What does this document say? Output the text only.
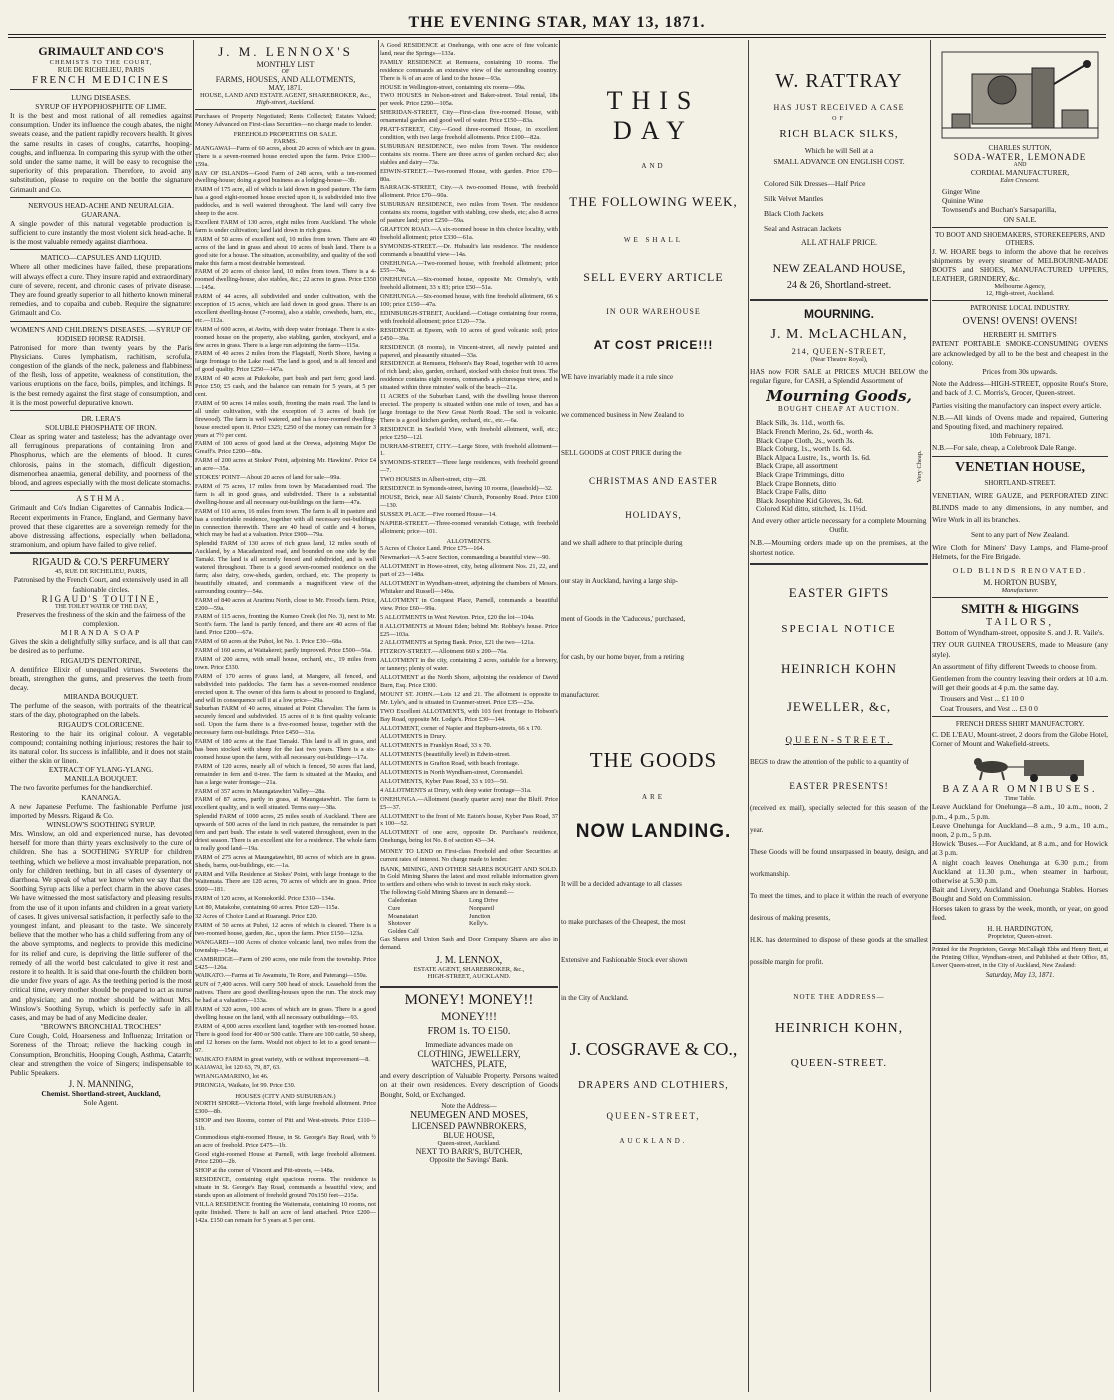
THE EVENING STAR, MAY 13, 1871.
GRIMAULT AND CO'S
CHEMISTS TO THE COURT,
RUE DE RICHELIEU, PARIS
FRENCH MEDICINES
LUNG DISEASES.
SYRUP OF HYPOPHOSPHITE OF LIME.
It is the best and most rational of all remedies against consumption. Under its influence the cough abates, the night sweats cease, and the patient rapidly recovers health. It gives the same results in cases of coughs, catarrhs, hooping-coughs, and influenza. In comparing this syrup with the other sold under the same name, it will be easy to recognise the superiority of this preparation. Therefore, to avoid any substitution, please to require on the bottle the signature Grimault and Co.
NERVOUS HEAD-ACHE AND NEURALGIA.
GUARANA.
A single powder of this natural vegetable production is sufficient to cure instantly the most violent sick head-ache. It is the most valuable remedy against diarrhoea.
MATICO—CAPSULES AND LIQUID.
Where all other medicines have failed, these preparations will always effect a cure. They insure rapid and extraordinary cure of severe, recent, and chronic cases of private disease. They are found greatly superior to all hitherto known mineral remedies, and to copaiba and cubeb. Require the signature: Grimault and Co.
WOMEN'S AND CHILDREN'S DISEASES. —SYRUP OF IODISED HORSE RADISH.
Patronised for more than twenty years by the Paris Physicians. Cures lymphatism, rachitism, scrofula, congestion of the glands of the neck, paleness and flabbiness of the flesh, loss of appetite, weakness of constitution, the various eruptions on the face, boils, pimples, and itchings. It is the best remedy against the first stage of consumption, and it is the most powerful depurative known.
DR. LERA'S
SOLUBLE PHOSPHATE OF IRON.
Clear as spring water and tasteless; has the advantage over all ferruginous preparations of containing Iron and Phosphorus, which are the elements of blood. It cures chlorosis, pains in the stomach, difficult digestion, dismenorhea anaemia, general debility, and poorness of the blood, and agrees especially with the most delicate stomachs.
ASTHMA.
Grimault and Co's Indian Cigarettes of Cannabis Indica.—Recent experiments in France, England, and Germany have proved that these cigarettes are a sovereign remedy for the above distressing affections, especially when belladona, stramonium, and opium have failed to give relief.
RIGAUD & CO.'S PERFUMERY
45, RUE DE RICHELIEU, PARIS,
Patronised by the French Court, and extensively used in all fashionable circles.
RIGAUD'S TOUTINE,
THE TOILET WATER OF THE DAY,
Preserves the freshness of the skin and the fairness of the complexion.
MIRANDA SOAP
Gives the skin a delightfully silky surface, and is all that can be desired as to perfume.
RIGAUD'S DENTORINE,
A dentifrice Elixir of unequalled virtues. Sweetens the breath, strengthen the gums, and preserves the teeth from decay.
MIRANDA BOUQUET.
The perfume of the season, with portraits of the theatrical stars of the day, photographed on the labels.
RIGAUD'S COLORICENE.
Restoring to the hair its original colour. A vegetable compound; containing nothing injurious; restores the hair to its natural color. Its success is infallible, and it does not stain either the skin or linen.
EXTRACT OF YLANG-YLANG.
MANILLA BOUQUET.
The two favorite perfumes for the handkerchief.
KANANGA.
A new Japanese Perfume. The fashionable Perfume just imported by Messrs. Rigaud & Co.
WINSLOW'S SOOTHING SYRUP.
Mrs. Winslow, an old and experienced nurse, has devoted herself for more than thirty years exclusively to the cure of children. She has a SOOTHING SYRUP for children teething, which we believe a most invaluable preparation, not only for children teething, but in all cases of dysentery or diarrhoea. We speak of what we know when we say that the Soothing Syrup acts like a perfect charm in the above cases. We have witnessed the most satisfactory and pleasing results from the use of it upon infants and children in a great variety of cases. It gives universal satisfaction, it perfectly safe to the youngest infant, and pleasant to the taste. We sincerely believe that the mother who has a child suffering from any of the above symptoms, and neglects to provide this medicine for its relief and cure, is depriving the little sufferer of the remedy of all the world best calculated to give it rest and restore it to health. It is said that one-fourth the children born die under five years of age. As the teething period is the most critical time, every mother should be prepared to act as nurse and physician; and no mother should be without Mrs. Winslow's Soothing Syrup, which is perfectly safe in all cases, and may be had of any Medicine dealer.
"BROWN'S BRONCHIAL TROCHES"
Cure Cough, Cold, Hoarseness and Influenza; Irritation or Soreness of the Throat; relieve the hacking cough in Consumption, Bronchitis, Hooping Cough, Asthma, Catarrh; clear and strengthen the voice of Singers; indispensable to Public Speakers.
J. N. MANNING,
Chemist. Shortland-street, Auckland,
Sole Agent.
J. M. LENNOX'S
MONTHLY LIST
OF
FARMS, HOUSES, AND ALLOTMENTS,
MAY, 1871.
HOUSE, LAND AND ESTATE AGENT, SHAREBROKER, &c.,
High-street, Auckland.
Purchases of Property Negotiated; Rents Collected; Estates Valued; Money Advanced on First-class Securities—no charge made to lender.
FREEHOLD PROPERTIES OR SALE.
FARMS.

MANGAWAI—Farm of 60 acres, about 20 acres of which are in grass. There is a seven-roomed house erected upon the farm. Price £300—159a.

BAY OF ISLANDS—Good Farm of 248 acres, with a ten-roomed dwelling-house; doing a good business as a lodging-house—3b.

FARM of 175 acre, all of which is laid down in good pasture. The farm has a good eight-roomed house erected upon it, is subdivided into five paddocks, and is well watered throughout. The land will carry five sheep to the acre.

Excellent FARM of 130 acres, eight miles from Auckland. The whole farm is under cultivation; land laid down in rich grass.

FARM of 50 acres of excellent soil, 10 miles from town. There are 40 acres of the land in grass and about 10 acres of bush land. There is a good site for a house. The situation, accessibility, and quality of the soil make this farm a most desirable homestead.

FARM of 20 acres of choice land, 10 miles from town. There is a 4-roomed dwelling-house, also stables, &c.; 22 acres in grass. Price £350—145a.

FARM of 44 acres, all subdivided and under cultivation, with the exception of 15 acres, which are laid down in good grass. There is an excellent dwelling-house (7-rooms), also a stable, cowsheds, barn, etc., etc.—112a.

FARM of 600 acres, at Awitu, with deep water frontage. There is a six-roomed house on the property, also stabling, garden, stockyard, and a few acres in grass. There is a large run adjoining the farm—115a.

FARM of 40 acres 2 miles from the Flagstaff, North Shore, having a large frontage to the Lake road. The land is good, and is all fenced and of good quality. Price £250—147a.

FARM of 40 acres at Pukekohe, part bush and part fern; good land. Price £50; £5 cash, and the balance can remain for 5 years, at 5 per cent.

FARM of 90 acres 14 miles south, fronting the main road. The land is all under cultivation, with the exception of 3 acres of bush (or firewood). The farm is well watered, and has a four-roomed dwelling-house erected upon it. Price £325; £250 of the money can remain for 3 years at 7½ per cent.

FARM of 100 acres of good land at the Orewa, adjoining Major De Greaff's. Price £200—80a.

FARM of 200 acres at Stokes' Point, adjoining Mr. Hawkins'. Price £4 an acre—35a.

STOKES' POINT—About 20 acres of land for sale—99a.

FARM of 75 acres, 17 miles from town by Macadamised road. The farm is all in good grass, and subdivided. There is a substantial dwelling-house and all necessary out-buildings on the farm—47a.

FARM of 110 acres, 16 miles from town. The farm is all in pasture and has a comfortable residence, together with all necessary out-buildings in connection therewith. There are 40 head of cattle and 4 horses, which may be had at a valuation. Price £900—79a.

Splendid FARM of 130 acres of rich grass land, 12 miles south of Auckland, by a Macadamized road, and bounded on one side by the Tamaki. The land is all securely fenced and subdivided, and is well watered throughout. There is a good seven-roomed residence on the farm; also dairy, cow-sheds, garden, orchard, etc. The property is beautifully situated, and commands a magnificent view of the surrounding country—54a.

FARM of 840 acres at Ararimu North, close to Mr. Frood's farm. Price, £200—59a.

FARM of 115 acres, fronting the Kumeo Creek (lot No. 3), next to Mr. Scott's farm. The land is partly fenced, and there are 40 acres of flat land. Price £200—67a.

FARM of 60 acres at the Puhoi, lot No. 1. Price £30—68a.

FARM of 160 acres, at Waitakerei; partly improved. Price £500—56a.

FARM of 200 acres, with small house, orchard, etc., 19 miles from town. Price £330.

FARM of 170 acres of grass land, at Mangere, all fenced, and subdivided into paddocks. The farm has a seven-roomed residence erected upon it. The owner of this farm is about to proceed to England, and will in consequence sell it at a low price—29a.

Suburban FARM of 40 acres, situated at Point Chevalier. The farm is securely fenced and subdivided. 15 acres of it is first quality volcanic soil. Upon the farm there is a five-roomed house, together with the necessary farm out-buildings. Price £450—31a.

FARM of 180 acres at the East Tamaki. This land is all in grass, and has been stocked with sheep for the last two years. There is a six-roomed house upon the farm, with all necessary out-buildings—17a.

FARM of 120 acres, nearly all of which is fenced, 50 acres flat land, remainder in fern and ti-tree. The farm is situated at the Mauku, and has a large water frontage—21a.

FARM of 357 acres in Maungatawhiri Valley—28a.

FARM of 87 acres, partly in grass, at Maungatawhiri. The farm is excellent quality, and is well situated. Terms easy—38a.

Splendid FARM of 1000 acres, 25 miles south of Auckland. There are upwards of 500 acres of the land in rich pasture, the remainder is part fern and part bush. The estate is well watered throughout, even in the driest season. There is an excellent site for a residence. The whole farm is really good land—19a.

FARM of 275 acres at Maungatawhiri, 80 acres of which are in grass. Sheds, barns, out-buildings, etc.—1a.

FARM and Villa Residence at Stokes' Point, with large frontage to the Waitemata. There are 120 acres, 70 acres of which are in grass. Price £600—181.

FARM of 120 acres, at Komokorikl. Price £310—134a.

Lot 80, Matakohe, containing 60 acres. Price £20—115a.

32 Acres of Choice Land at Ruarangi. Price £20.

FARM of 50 acres at Puhoi, 12 acres of which is cleared. There is a two-roomed house, garden, &c., upon the farm. Price £150—123a.

WANGAREI—100 Acres of choice volcanic land, two miles from the township—154a.

CAMBRIDGE—Farm of 290 acres, one mile from the township. Price £425—126a.

WAIKATO.—Farms at Te Awamutu, Te Rore, and Paterangi—159a.

RUN of 7,400 acres. Will carry 500 head of stock. Leasehold from the natives. There are good dwelling-houses upon the run. The stock may be had at a valuation—133a.

FARM of 320 acres, 100 acres of which are in grass. There is a good dwelling house on the land, with all necessary outbuildings—93.

FARM of 4,000 acres excellent land, together with ten-roomed house. There is good food for 400 or 500 cattle. There are 100 cattle, 50 sheep, and 12 horses on the farm. Would not object to let to a good tenant—97.

WAIKATO FARM in great variety, with or without improvement—8.

KAIAWAI, lot 120 63, 79, 87, 63.

WHANGAMARINO, lot 46.

PIRONGIA, Waikato, lot 99. Price £30.

HOUSES (CITY AND SUBURBAN.)

NORTH SHORE—Victoria Hotel, with large freehold allotment. Price £300—8b.

SHOP and two Rooms, corner of Pitt and West-streets. Price £110—11b.

Commodious eight-roomed House, in St. George's Bay Road, with ½ an acre of freehold. Price £475—1b.

Good eight-roomed House at Parnell, with large freehold allotment. Price £200—2b.

SHOP at the corner of Vincent and Pitt-streets, —148a.

RESIDENCE, containing eight spacious rooms. The residence is situate in St. George's Bay Road, commands a beautiful view, and stands upon an allotment of freehold ground 70x150 feet—215a.

VILLA RESIDENCE fronting the Waitemata, containing 10 rooms, not quite finished. There is half an acre of land attached. Price £200—142a. £150 can remain for 5 years at 5 per cent.

A Good RESIDENCE at Onehunga, with one acre of fine volcanic land, near the Springs—133a.

FAMILY RESIDENCE at Remuera, containing 10 rooms. The residence commands an extensive view of the surrounding country. There is ¾ of an acre of land to the house—93a.

HOUSE in Wellington-street, containing six rooms—99a.

TWO HOUSES in Nelson-street and Baker-street. Total rental, 18s per week. Price £290—105a.

SHERIDAN-STREET, City—First-class five-roomed House, with ornamental garden and good well of water. Price £150—83a.

PRATT-STREET, City.—Good three-roomed House, in excellent condition, with two large freehold allotments. Price £100—82a.

SUBURBAN RESIDENCE, two miles from Town. The residence contains six rooms. There are three acres of garden orchard &c; also stables and dairy—73a.

EDWIN-STREET.—Two-roomed House, with garden. Price £70—80a.

BARRACK-STREET, City.—A two-roomed House, with freehold allotment. Price £70—90a.

SUBURBAN RESIDENCE, two miles from Town. The residence contains six rooms, together with stabling, cow sheds, etc; also 8 acres of pasture land; price £250—59a.

GRAFTON ROAD.—A six-roomed house in this choice locality, with freehold allotment; price £330—61a.

SYMONDS-STREET.—Dr. Hubault's late residence. The residence commands a beautiful view—14a.

ONEHUNGA.—Two-roomed house, with freehold allotment; price £55—74a.

ONEHUNGA.—Six-roomed house, opposite Mr. Ormsby's, with freehold allotment, 33 x 83; price £50—51a.

ONEHUNGA.—Six-roomed house, with fine freehold allotment, 66 x 100; price £150—47a.

EDINBURGH-STREET, Auckland.—Cottage containing four rooms, with freehold allotment; price £120—73a.

RESIDENCE at Epsom, with 10 acres of good volcanic soil; price £450—39a.

RESIDENCE (8 rooms), in Vincent-street, all newly painted and papered, and pleasantly situated—33a.

RESIDENCE at Remuera, Hobson's Bay Road, together with 10 acres of rich land; also, garden, orchard, stocked with choice fruit trees. The residence contains eight rooms, commands a picturesque view, and is situated within three minutes' walk of the beach—21a.

11 ACRES of the Suburban Land, with the dwelling house thereon erected. The property is situated within one mile of town, and has a large frontage to the New Great North Road. The soil is volcanic. There is a good kitchen garden, orchard, etc., etc.—6a.

RESIDENCE in Seafield View, with freehold allotment, well, etc.; price £250—12l.

DURHAM-STREET, CITY.—Large Store, with freehold allotment—1.

SYMONDS-STREET—Three large residences, with freehold ground—7.

TWO HOUSES in Albert-street, city—28.

RESIDENCE in Symonds-street, having 10 rooms, (leasehold)—32.

HOUSE, Brick, near All Saints' Church, Ponsonby Road. Price £100—130.

SUSSEX PLACE.—Five roomed House—14.

NAPIER-STREET.—Three-roomed verandah Cottage, with freehold allotment; price—101.

ALLOTMENTS.

5 Acres of Choice Land. Price £75—164.

Newmarket—A 5-acre Section, commanding a beautiful view—90.

ALLOTMENT in Howe-street, city, being allotment Nos. 21, 22, and part of 23—148a.

ALLOTMENT in Wyndham-street, adjoining the chambers of Messrs. Whitaker and Russell—149a.

ALLOTMENT in Conquest Place, Parnell, commands a beautiful view. Price £60—99a.

5 ALLOTMENTS in West Newton. Price, £20 the lot—104a.

8 ALLOTMENTS at Mount Eden; behind Mr. Robbey's house. Price £25—103a.

2 ALLOTMENTS at Spring Bank. Price, £21 the two—121a.

FITZROY-STREET.—Allotment 660 x 200—76a.

ALLOTMENT in the city, containing 2 acres, suitable for a brewery, or tannery; plenty of water.

ALLOTMENT at the North Shore, adjoining the residence of David Burn, Esq. Price £300.

MOUNT ST. JOHN.—Lots 12 and 21. The allotment is opposite to Mr. Lyle's, and is situated in Cranmer-street. Price £35—23a.

TWO Excellent ALLOTMENTS, with 103 feet frontage to Hobson's Bay Road, opposite Mr. Lodge's. Price £30—144.

ALLOTMENT, corner of Napier and Hepburn-streets, 66 x 170.

ALLOTMENTS in Drury.

ALLOTMENTS in Franklyn Road, 33 x 70.

ALLOTMENTS (beautifully level) in Edwin-street.

ALLOTMENTS in Grafton Road, with beach frontage.

ALLOTMENTS in North Wyndham-street, Coromandel.

ALLOTMENTS, Kyber Pass Road, 33 x 103—50.

4 ALLOTMENTS at Drury, with deep water frontage—31a.

ONEHUNGA.—Allotment (nearly quarter acre) near the Bluff. Price £5—37.

ALLOTMENT to the front of Mr. Eaton's house, Kyber Pass Road, 37 x 100—52.

ALLOTMENT of one acre, opposite Dr. Purchase's residence, Onehunga, being lot No. 8 of section 43—34.

MONEY TO LEND on First-class Freehold and other Securities at current rates of interest. No charge made to lender.
BANK, MINING, AND OTHER SHARES BOUGHT AND SOLD.
In Gold Mining Shares the latest and most reliable information given to settlers and others who wish to invest in such risky stock.
The following Gold Mining Shares are in demand:—
Caledonian
Cure
Moanataiari
Shotover
Golden Calf
Long Drive
Nonpareil
Junction
Kelly's.
Gas Shares and Union Sash and Door Company Shares are also in demand.
J. M. LENNOX,
ESTATE AGENT, SHAREBROKER, &c.,
HIGH-STREET, AUCKLAND.
MONEY! MONEY!!
MONEY!!!
FROM 1s. TO £150.
Immediate advances made on
CLOTHING, JEWELLERY,
WATCHES, PLATE,
and every description of Valuable Property. Persons waited on at their own residences. Every description of Goods Bought, Sold, or Exchanged.
Note the Address—
NEUMEGEN AND MOSES,
LICENSED PAWNBROKERS,
BLUE HOUSE,
Queen-street, Auckland.
NEXT TO BARR'S, BUTCHER,
Opposite the Savings' Bank.
THIS DAY
AND
THE FOLLOWING WEEK,
WE SHALL
SELL EVERY ARTICLE
IN OUR WAREHOUSE
AT COST PRICE!!!
WE have invariably made it a rule since
we commenced business in New Zealand to
SELL GOODS at COST PRICE during the
CHRISTMAS AND EASTER
HOLIDAYS,
and we shall adhere to that principle during
our stay in Auckland, having a large ship-
ment of Goods in the 'Caduceus,' purchased,
for cash, by our home buyer, from a retiring
manufacturer.
THE GOODS
ARE
NOW LANDING.
It will be a decided advantage to all classes
to make purchases of the Cheapest, the most
Extensive and Fashionable Stock ever shown
in the City of Auckland.
J. COSGRAVE & CO.,
DRAPERS AND CLOTHIERS,
QUEEN-STREET,
AUCKLAND.
W. RATTRAY
HAS JUST RECEIVED A CASE
OF
RICH BLACK SILKS,
Which he will Sell at a
SMALL ADVANCE ON ENGLISH COST.
Colored Silk Dresses—Half Price
Silk Velvet Mantles
Black Cloth Jackets
Seal and Astracan Jackets
ALL AT HALF PRICE.
NEW ZEALAND HOUSE,
24 & 26, Shortland-street.
MOURNING.
J. M. McLACHLAN,
214, QUEEN-STREET,
(Near Theatre Royal),
HAS now FOR SALE at PRICES MUCH BELOW the regular figure, for CASH, a Splendid Assortment of
Mourning Goods,
BOUGHT CHEAP AT AUCTION.
Black Silk, 3s. 11d., worth 6s.
Black French Merino, 2s. 6d., worth 4s.
Black Crape Cloth, 2s., worth 3s.
Black Coburg, 1s., worth 1s. 6d.
Black Alpaca Lustre, 1s., worth 1s. 6d.
Black Crape, all assortment
Black Crape Trimmings, ditto
Black Crape Bonnets, ditto
Black Crape Falls, ditto
Black Josephine Kid Gloves, 3s. 6d.
Colored Kid ditto, stitched, 1s. 11½d.
Very Cheap.
And every other article necessary for a complete Mourning Outfit.
N.B.—Mourning orders made up on the premises, at the shortest notice.
EASTER GIFTS
SPECIAL NOTICE
HEINRICH KOHN
JEWELLER, &c,
QUEEN-STREET.
BEGS to draw the attention of the public to a quantity of
EASTER PRESENTS!
(received ex mail), specially selected for this season of the year.
These Goods will be found unsurpassed in beauty, design, and workmanship.
To meet the times, and to place it within the reach of everyone desirous of making presents,
H.K. has determined to dispose of these goods at the smallest possible margin for profit.
NOTE THE ADDRESS—
HEINRICH KOHN,
QUEEN-STREET.
CHARLES SUTTON,
SODA-WATER, LEMONADE
AND
CORDIAL MANUFACTURER,
Eden Crescent.
Ginger Wine
Quinine Wine
Townsend's and Buchan's Sarsaparilla,
ON SALE.
TO BOOT AND SHOEMAKERS, STOREKEEPERS, AND OTHERS.
J. W. HOARE begs to inform the above that he receives shipments by every steamer of MELBOURNE-MADE BOOTS and SHOES, MANUFACTURED UPPERS, LEATHER, GRINDERY, &c.
Melbourne Agency,
12, High-street, Auckland.
PATRONISE LOCAL INDUSTRY.
OVENS! OVENS! OVENS!
HERBERT H. SMITH'S
PATENT PORTABLE SMOKE-CONSUMING OVENS are acknowledged by all to be the best and cheapest in the colony.
Prices from 30s upwards.
Note the Address—HIGH-STREET, opposite Rout's Store, and back of J. C. Morris's, Grocer, Queen-street.
Parties visiting the manufactory can inspect every article.
N.B.—All kinds of Ovens made and repaired, Guttering and Spouting fixed, and machinery repaired.
10th February, 1871.
N.B.—For sale, cheap, a Colebrook Dale Range.
VENETIAN HOUSE,
SHORTLAND-STREET.
VENETIAN, WIRE GAUZE, and PERFORATED ZINC BLINDS made to any dimensions, in any number, and Wire Work in all its branches.
Sent to any part of New Zealand.
Wire Cloth for Miners' Davy Lamps, and Flame-proof Helmets, for the Fire Brigade.
OLD BLINDS RENOVATED.
M. HORTON BUSBY,
Manufacturer.
SMITH & HIGGINS
TAILORS,
Bottom of Wyndham-street, opposite S. and J. R. Vaile's.
TRY OUR GUINEA TROUSERS, made to Measure (any style).
An assortment of fifty different Tweeds to choose from.
Gentlemen from the country leaving their orders at 10 a.m. will get their goods at 4 p.m. the same day.
Trousers and Vest ... £1 10 0
Coat Trousers, and Vest ... £3 0 0
FRENCH DRESS SHIRT MANUFACTORY.
C. DE L'EAU, Mount-street, 2 doors from the Globe Hotel, Corner of Mount and Wakefield-streets.
BAZAAR OMNIBUSES.
Time Table.

Leave Auckland for Onehunga—8 a.m., 10 a.m., noon, 2 p.m., 4 p.m., 5 p.m.

Leave Onehunga for Auckland—8 a.m., 9 a.m., 10 a.m., noon, 2 p.m., 5 p.m.

Howick 'Buses.—For Auckland, at 8 a.m., and for Howick at 3 p.m.

A night coach leaves Onehunga at 6.30 p.m.; from Auckland at 11.30 p.m., when steamer in harbour, otherwise at 5.30 p.m.

Bait and Livery, Auckland and Onehunga Stables. Horses Bought and Sold on Commission.

Horses taken to grass by the week, month, or year, on good feed.

H. H. HARDINGTON,
Proprietor, Queen-street.
Printed for the Proprietors, George McCullagh Ebbs and Henry Brett, at the Printing Office, Wyndham-street, and Published at their Office, 85, Lower Queen-street, in the City of Auckland, New Zealand:
Saturday, May 13, 1871.
